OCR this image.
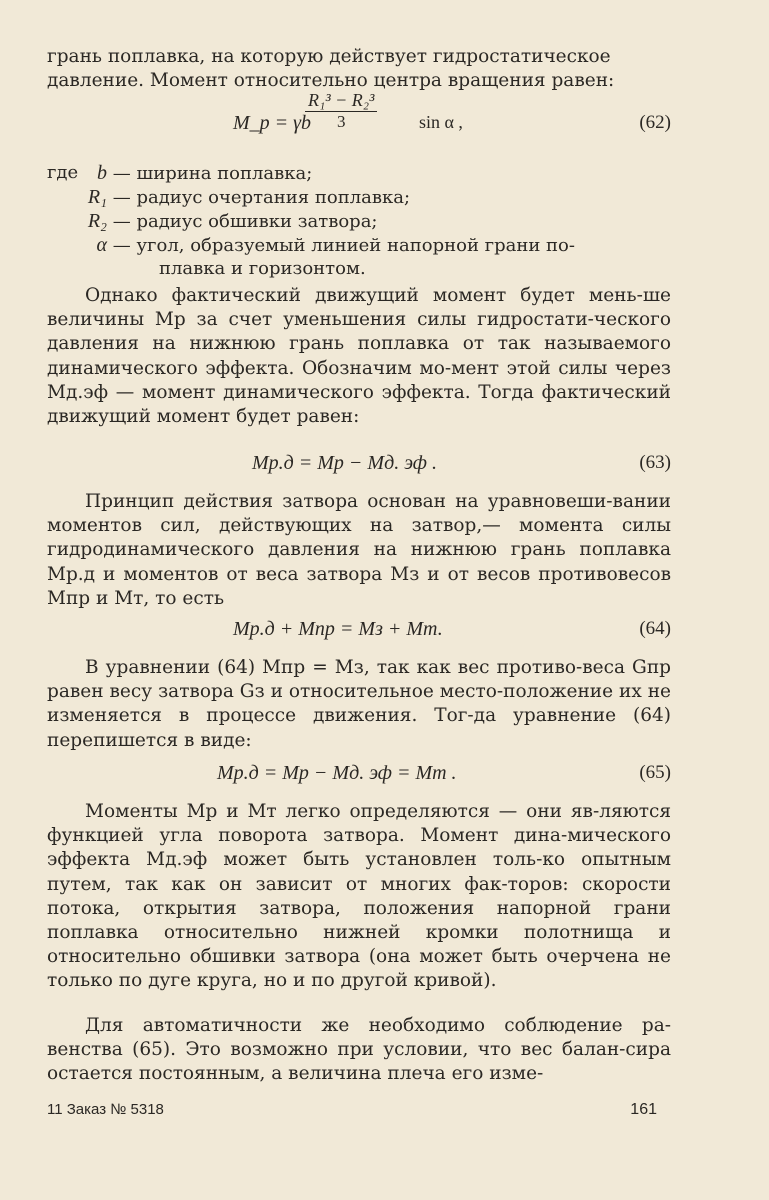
грань поплавка, на которую действует гидростатическое
давление. Момент относительно центра вращения равен:
M_р = γb
$\frac{\text{R₁³ − R₂³}}{3}$ sin α ,	(62)
где b — ширина поплавка;
R₁ — радиус очертания поплавка;
R₂ — радиус обшивки затвора;
α — угол, образуемый линией напорной грани по-
плавка и горизонтом.

Однако фактический движущий момент будет мень-ше величины Mр за счет уменьшения силы гидростати-ческого давления на нижнюю грань поплавка от так называемого динамического эффекта. Обозначим мо-мент этой силы через Mд.эф — момент динамического эффекта. Тогда фактический движущий момент будет равен:

Mр.д = Mр − Mд. эф .	(63)

Принцип действия затвора основан на уравновеши-вании моментов сил, действующих на затвор,— момента силы гидродинамического давления на нижнюю грань поплавка Mр.д и моментов от веса затвора Mз и от весов противовесов Mпр и Mт, то есть

Mр.д + Mпр = Mз + Mт.	(64)

В уравнении (64) Mпр = Mз, так как вес противо-веса Gпр равен весу затвора Gз и относительное место-положение их не изменяется в процессе движения. Тог-да уравнение (64) перепишется в виде:

Mр.д = Mр − Mд. эф = Mт .	(65)

Моменты Mр и Mт легко определяются — они яв-ляются функцией угла поворота затвора. Момент дина-мического эффекта Mд.эф может быть установлен толь-ко опытным путем, так как он зависит от многих фак-торов: скорости потока, открытия затвора, положения напорной грани поплавка относительно нижней кромки полотнища и относительно обшивки затвора (она может быть очерчена не только по дуге круга, но и по другой кривой).

Для автоматичности же необходимо соблюдение ра-венства (65). Это возможно при условии, что вес балан-сира остается постоянным, а величина плеча его изме-

11 Заказ № 5318	161
